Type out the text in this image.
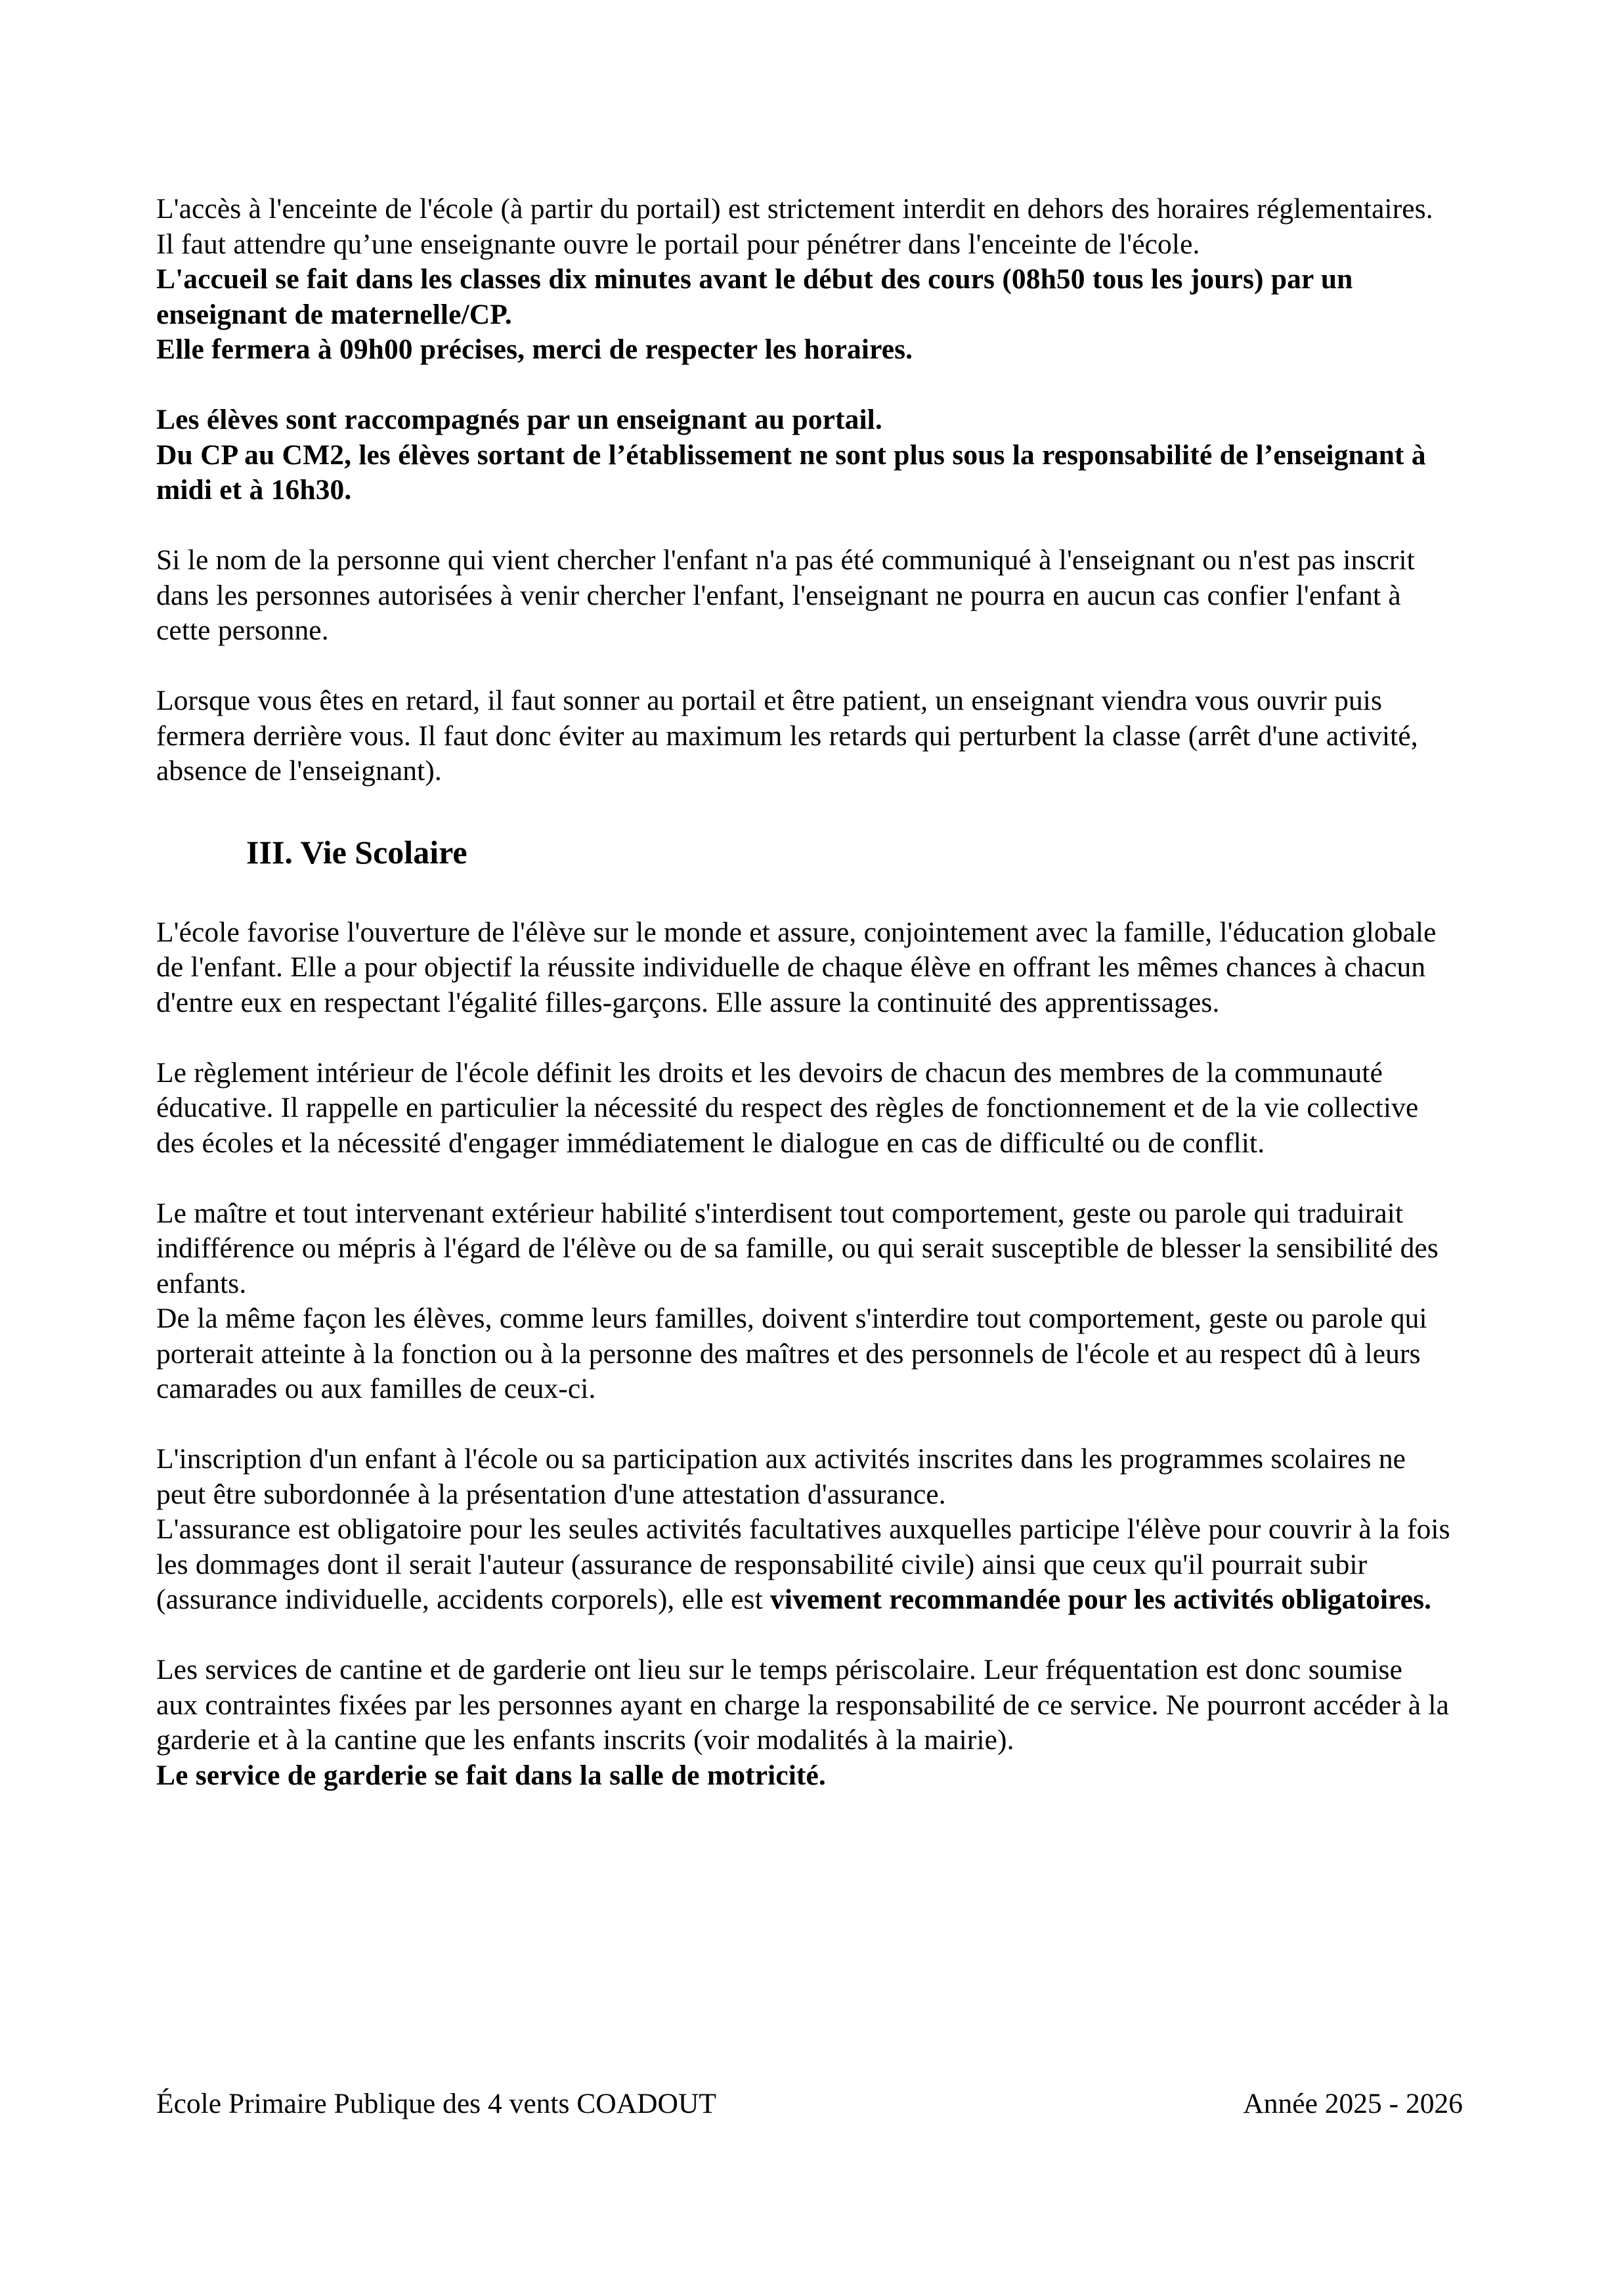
L'accès à l'enceinte de l'école (à partir du portail) est strictement interdit en dehors des horaires réglementaires. Il faut attendre qu’une enseignante ouvre le portail pour pénétrer dans l'enceinte de l'école.

L'accueil se fait dans les classes dix minutes avant le début des cours (08h50 tous les jours) par un enseignant de maternelle/CP.

Elle fermera à 09h00 précises, merci de respecter les horaires.

Les élèves sont raccompagnés par un enseignant au portail.

Du CP au CM2, les élèves sortant de l’établissement ne sont plus sous la responsabilité de l’enseignant à midi et à 16h30.

Si le nom de la personne qui vient chercher l'enfant n'a pas été communiqué à l'enseignant ou n'est pas inscrit dans les personnes autorisées à venir chercher l'enfant, l'enseignant ne pourra en aucun cas confier l'enfant à cette personne.

Lorsque vous êtes en retard, il faut sonner au portail et être patient, un enseignant viendra vous ouvrir puis fermera derrière vous. Il faut donc éviter au maximum les retards qui perturbent la classe (arrêt d'une activité, absence de l'enseignant).

III. Vie Scolaire

L'école favorise l'ouverture de l'élève sur le monde et assure, conjointement avec la famille, l'éducation globale de l'enfant. Elle a pour objectif la réussite individuelle de chaque élève en offrant les mêmes chances à chacun d'entre eux en respectant l'égalité filles-garçons. Elle assure la continuité des apprentissages.

Le règlement intérieur de l'école définit les droits et les devoirs de chacun des membres de la communauté éducative. Il rappelle en particulier la nécessité du respect des règles de fonctionnement et de la vie collective des écoles et la nécessité d'engager immédiatement le dialogue en cas de difficulté ou de conflit.

Le maître et tout intervenant extérieur habilité s'interdisent tout comportement, geste ou parole qui traduirait indifférence ou mépris à l'égard de l'élève ou de sa famille, ou qui serait susceptible de blesser la sensibilité des enfants.

De la même façon les élèves, comme leurs familles, doivent s'interdire tout comportement, geste ou parole qui porterait atteinte à la fonction ou à la personne des maîtres et des personnels de l'école et au respect dû à leurs camarades ou aux familles de ceux-ci.

L'inscription d'un enfant à l'école ou sa participation aux activités inscrites dans les programmes scolaires ne peut être subordonnée à la présentation d'une attestation d'assurance.

L'assurance est obligatoire pour les seules activités facultatives auxquelles participe l'élève pour couvrir à la fois les dommages dont il serait l'auteur (assurance de responsabilité civile) ainsi que ceux qu'il pourrait subir (assurance individuelle, accidents corporels), elle est vivement recommandée pour les activités obligatoires.

Les services de cantine et de garderie ont lieu sur le temps périscolaire. Leur fréquentation est donc soumise aux contraintes fixées par les personnes ayant en charge la responsabilité de ce service. Ne pourront accéder à la garderie et à la cantine que les enfants inscrits (voir modalités à la mairie).

Le service de garderie se fait dans la salle de motricité.

École Primaire Publique des 4 vents COADOUT	Année 2025 - 2026
